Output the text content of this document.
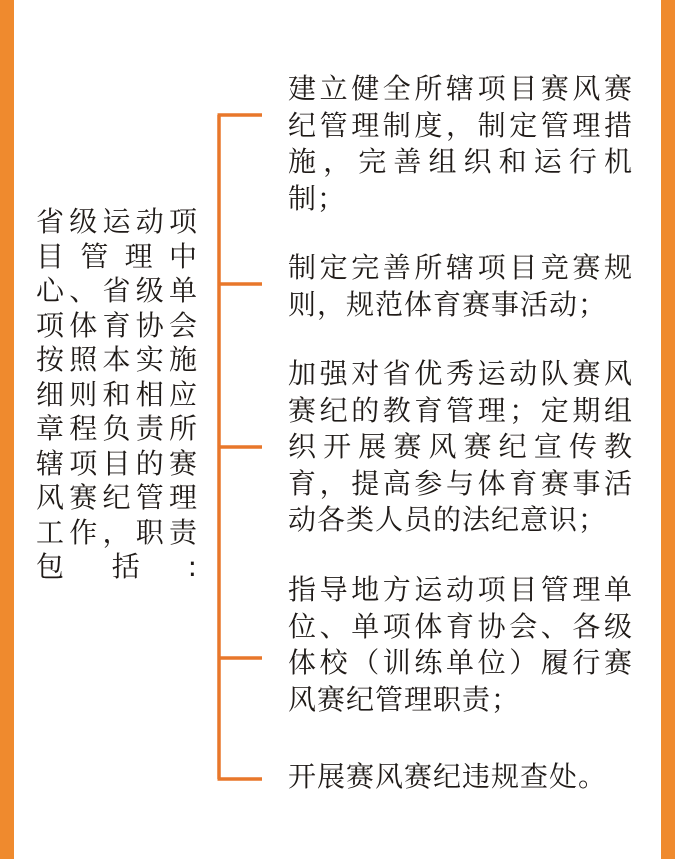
省级运动项目管理中心、省级单项体育协会按照本实施细则和相应章程负责所辖项目的赛风赛纪管理工作，职责包括:
建立健全所辖项目赛风赛纪管理制度，制定管理措施，完善组织和运行机制；
制定完善所辖项目竞赛规则，规范体育赛事活动；
加强对省优秀运动队赛风赛纪的教育管理；定期组织开展赛风赛纪宣传教育，提高参与体育赛事活动各类人员的法纪意识；
指导地方运动项目管理单位、单项体育协会、各级体校（训练单位）履行赛风赛纪管理职责；
开展赛风赛纪违规查处。
